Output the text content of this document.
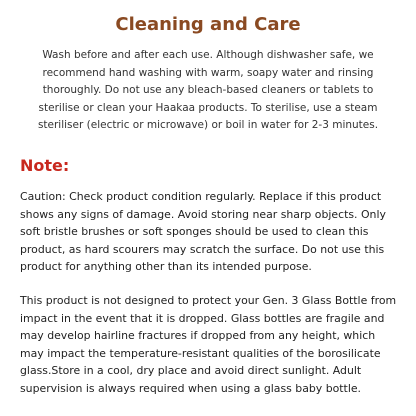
Cleaning and Care

Wash before and after each use. Although dishwasher safe, we recommend hand washing with warm, soapy water and rinsing thoroughly. Do not use any bleach-based cleaners or tablets to sterilise or clean your Haakaa products. To sterilise, use a steam steriliser (electric or microwave) or boil in water for 2-3 minutes.

Note:

Caution: Check product condition regularly. Replace if this product shows any signs of damage. Avoid storing near sharp objects. Only soft bristle brushes or soft sponges should be used to clean this product, as hard scourers may scratch the surface. Do not use this product for anything other than its intended purpose.

This product is not designed to protect your Gen. 3 Glass Bottle from impact in the event that it is dropped. Glass bottles are fragile and may develop hairline fractures if dropped from any height, which may impact the temperature-resistant qualities of the borosilicate glass.Store in a cool, dry place and avoid direct sunlight. Adult supervision is always required when using a glass baby bottle.
